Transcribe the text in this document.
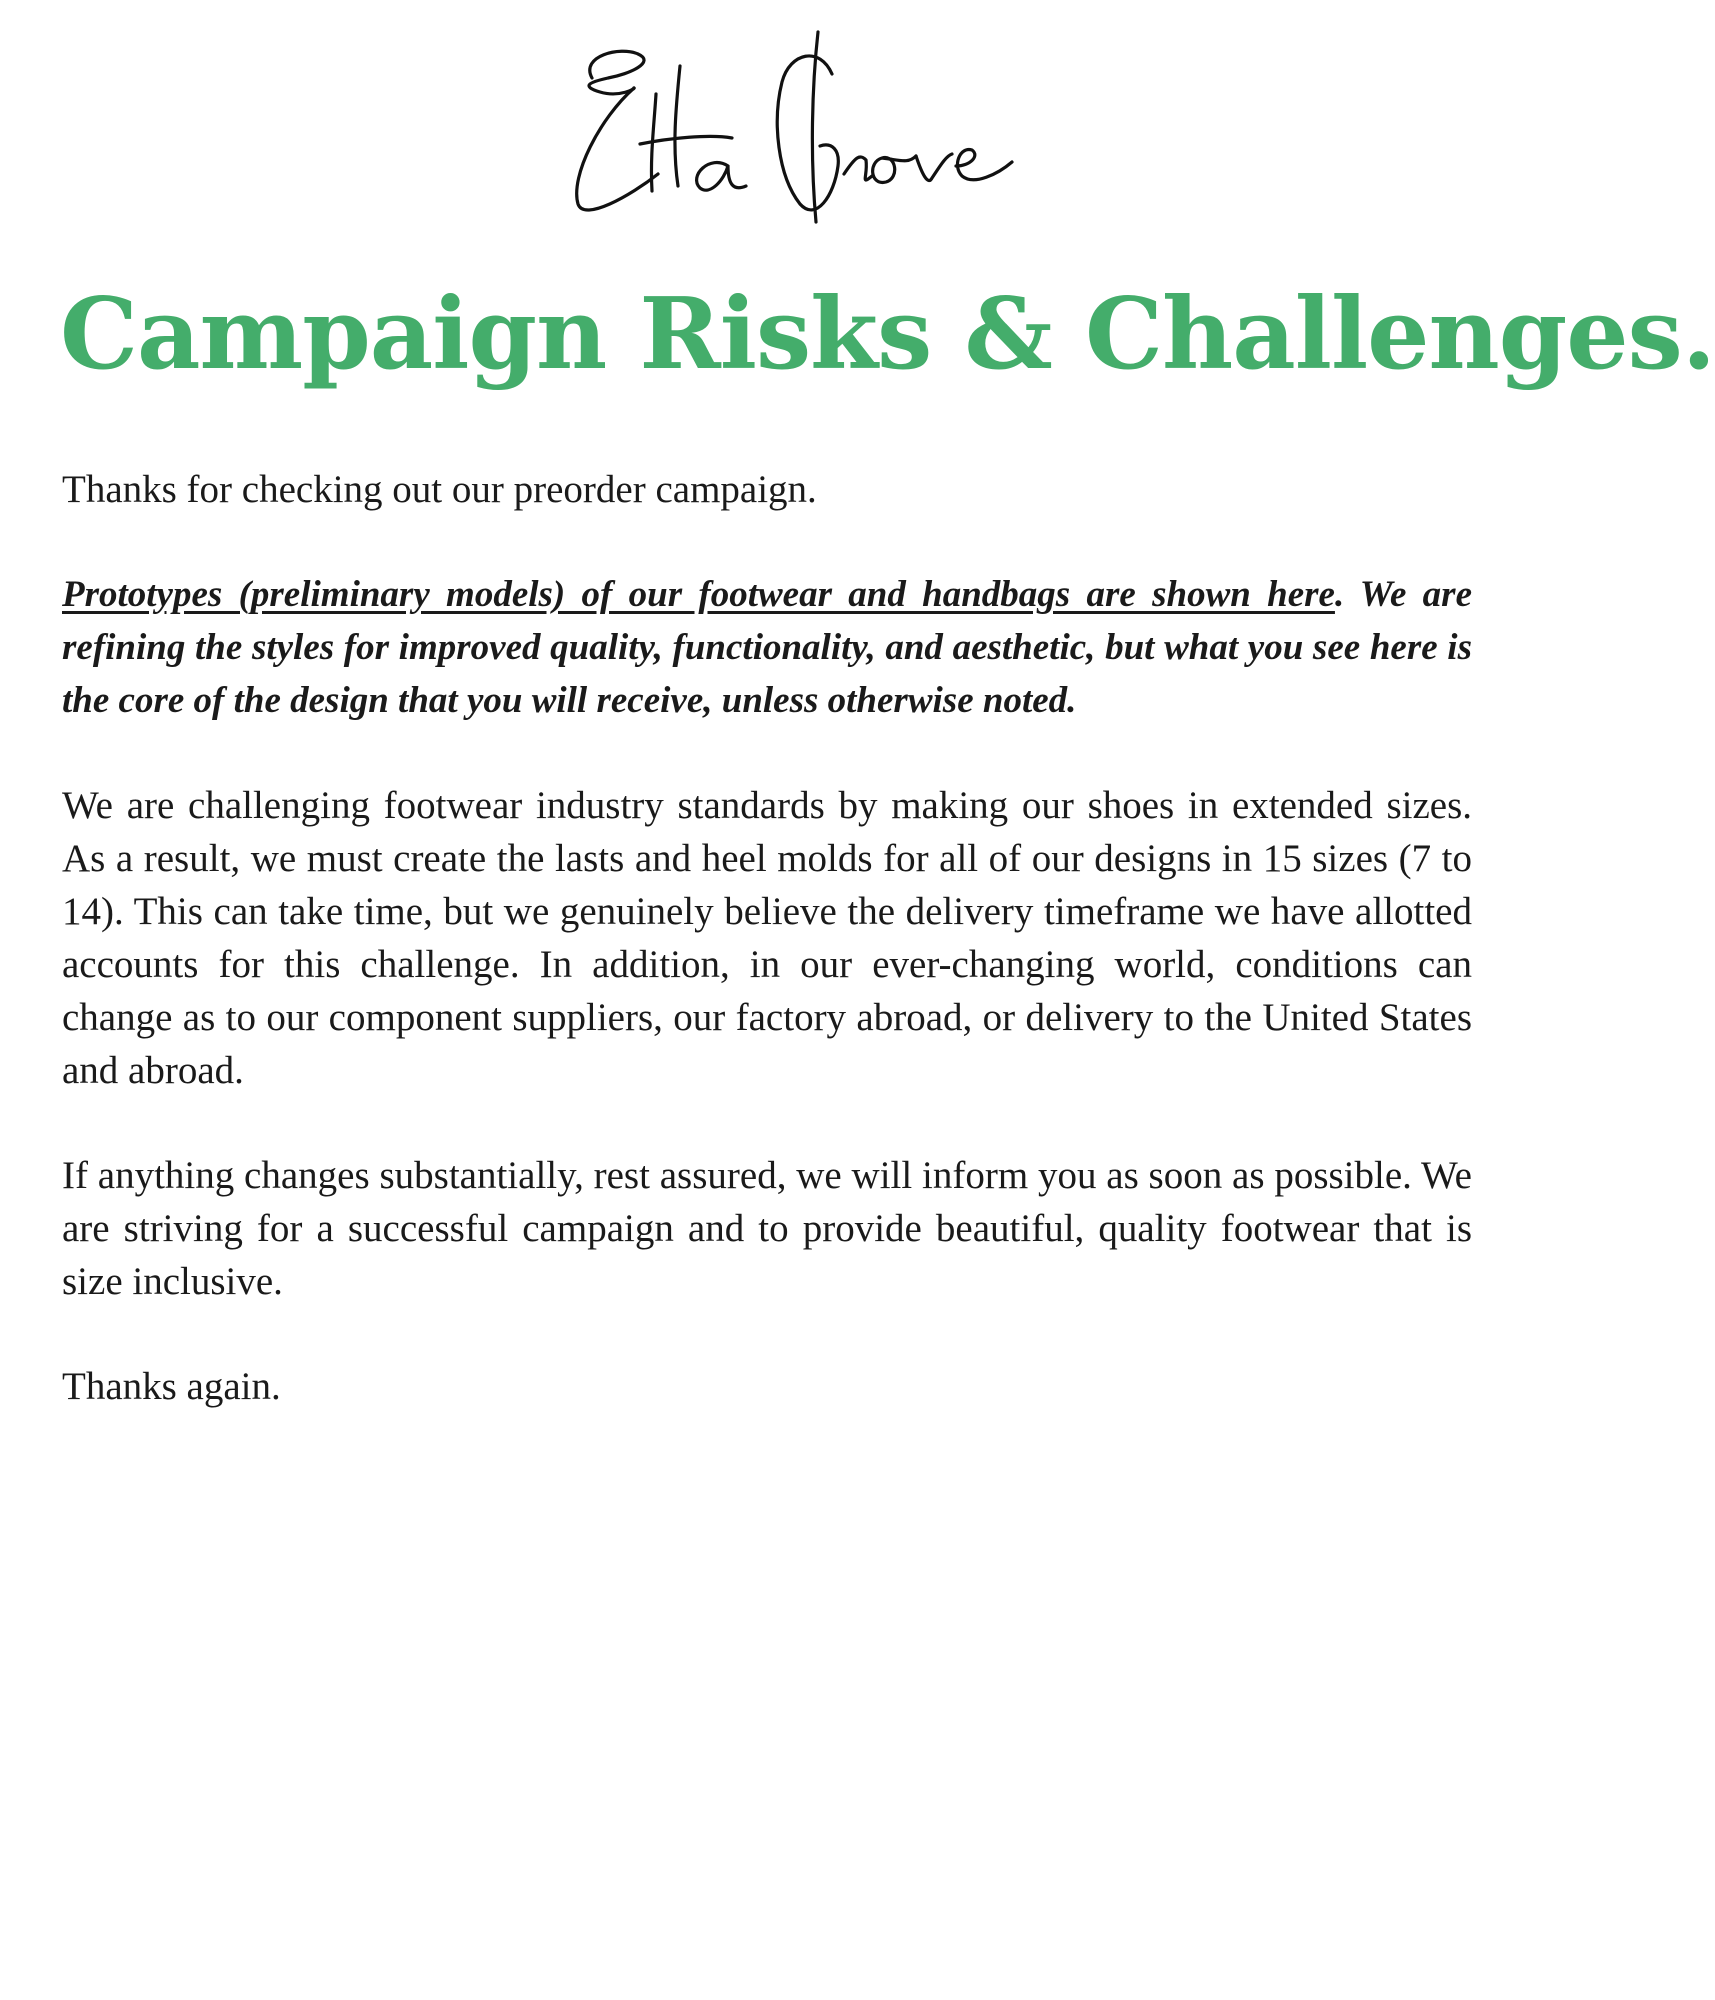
Campaign Risks & Challenges.

Thanks for checking out our preorder campaign.

Prototypes (preliminary models) of our footwear and handbags are shown here. We are refining the styles for improved quality, functionality, and aesthetic, but what you see here is the core of the design that you will receive, unless otherwise noted.

We are challenging footwear industry standards by making our shoes in extended sizes. As a result, we must create the lasts and heel molds for all of our designs in 15 sizes (7 to 14). This can take time, but we genuinely believe the delivery timeframe we have allotted accounts for this challenge. In addition, in our ever-changing world, conditions can change as to our component suppliers, our factory abroad, or delivery to the United States and abroad.

If anything changes substantially, rest assured, we will inform you as soon as possible. We are striving for a successful campaign and to provide beautiful, quality footwear that is size inclusive.

Thanks again.
